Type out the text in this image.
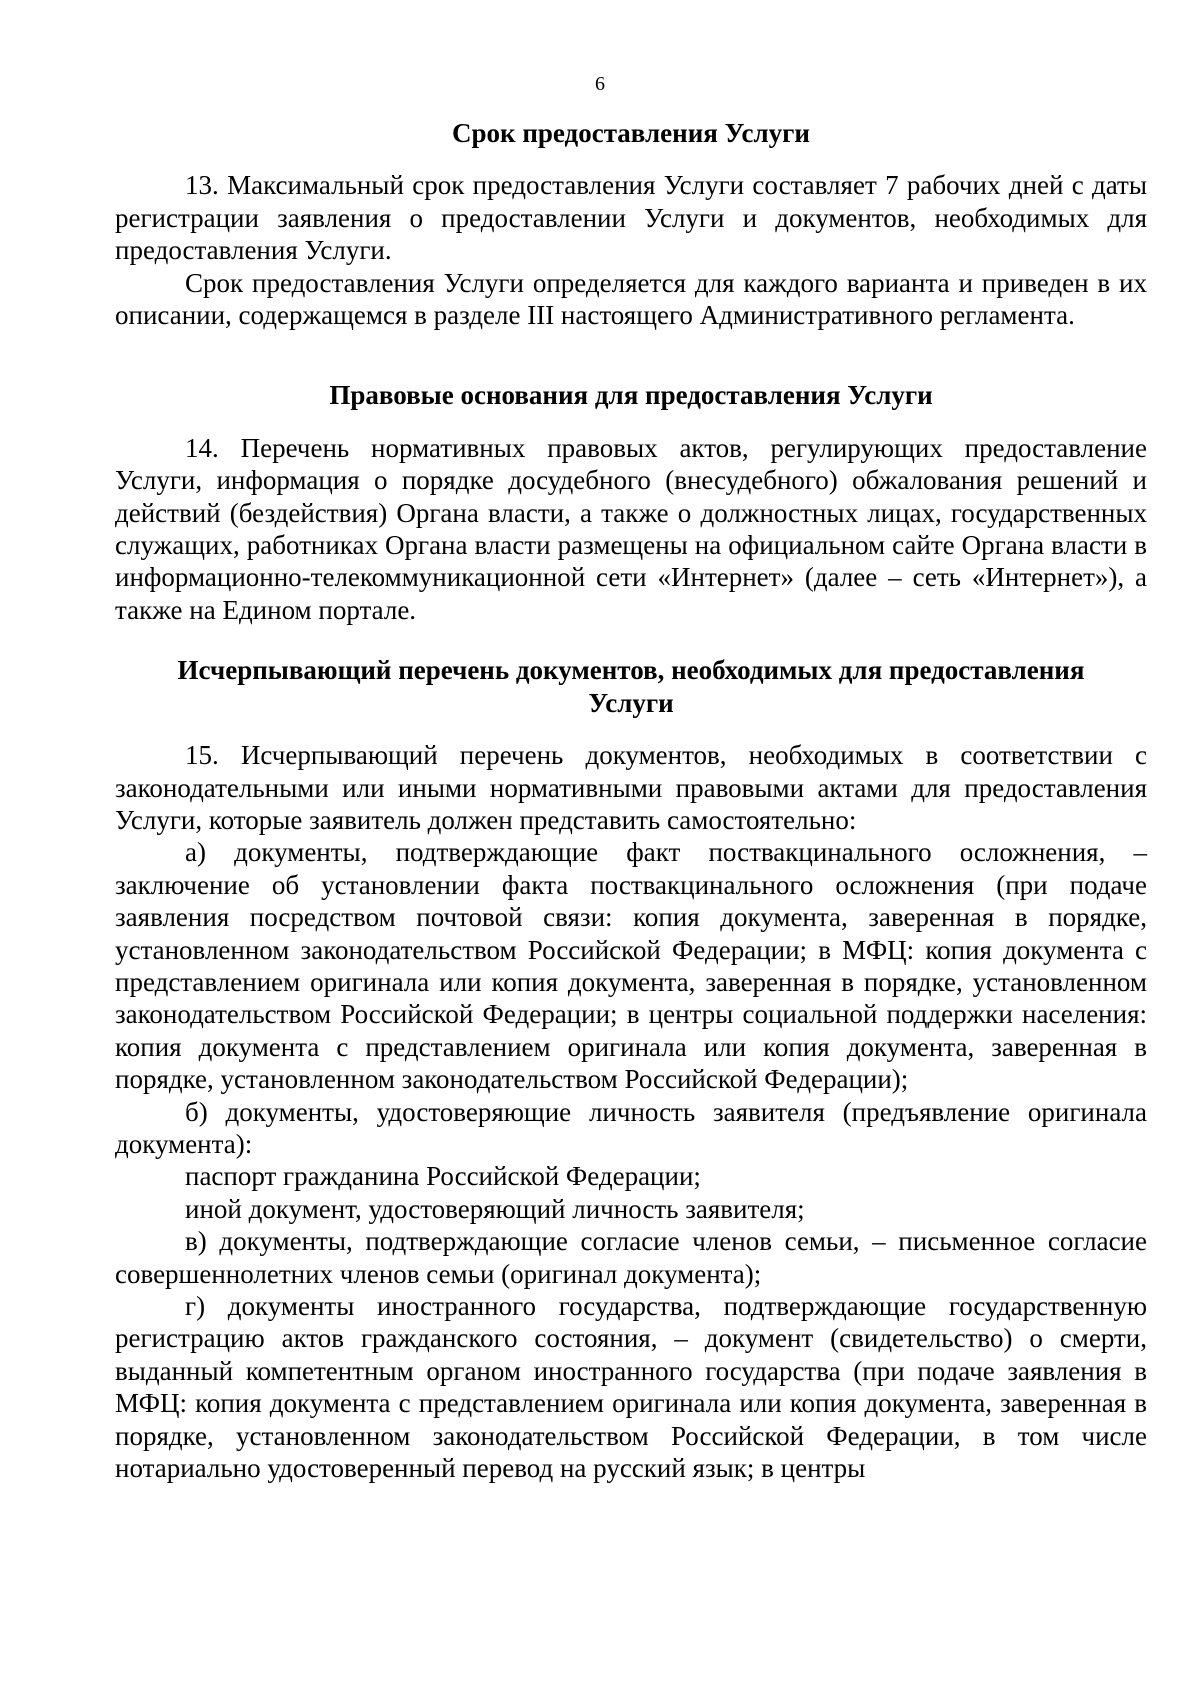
6
Срок предоставления Услуги

13. Максимальный срок предоставления Услуги составляет 7 рабочих дней с даты регистрации заявления о предоставлении Услуги и документов, необходимых для предоставления Услуги.

Срок предоставления Услуги определяется для каждого варианта и приведен в их описании, содержащемся в разделе III настоящего Административного регламента.

Правовые основания для предоставления Услуги

14. Перечень нормативных правовых актов, регулирующих предоставление Услуги, информация о порядке досудебного (внесудебного) обжалования решений и действий (бездействия) Органа власти, а также о должностных лицах, государственных служащих, работниках Органа власти размещены на официальном сайте Органа власти в информационно-телекоммуникационной сети «Интернет» (далее – сеть «Интернет»), а также на Едином портале.

Исчерпывающий перечень документов, необходимых для предоставления
Услуги

15. Исчерпывающий перечень документов, необходимых в соответствии с законодательными или иными нормативными правовыми актами для предоставления Услуги, которые заявитель должен представить самостоятельно:

а) документы, подтверждающие факт поствакцинального осложнения, – заключение об установлении факта поствакцинального осложнения (при подаче заявления посредством почтовой связи: копия документа, заверенная в порядке, установленном законодательством Российской Федерации; в МФЦ: копия документа с представлением оригинала или копия документа, заверенная в порядке, установленном законодательством Российской Федерации; в центры социальной поддержки населения: копия документа с представлением оригинала или копия документа, заверенная в порядке, установленном законодательством Российской Федерации);

б) документы, удостоверяющие личность заявителя (предъявление оригинала документа):

паспорт гражданина Российской Федерации;

иной документ, удостоверяющий личность заявителя;

в) документы, подтверждающие согласие членов семьи, – письменное согласие совершеннолетних членов семьи (оригинал документа);

г) документы иностранного государства, подтверждающие государственную регистрацию актов гражданского состояния, – документ (свидетельство) о смерти, выданный компетентным органом иностранного государства (при подаче заявления в МФЦ: копия документа с представлением оригинала или копия документа, заверенная в порядке, установленном законодательством Российской Федерации, в том числе нотариально удостоверенный перевод на русский язык; в центры
